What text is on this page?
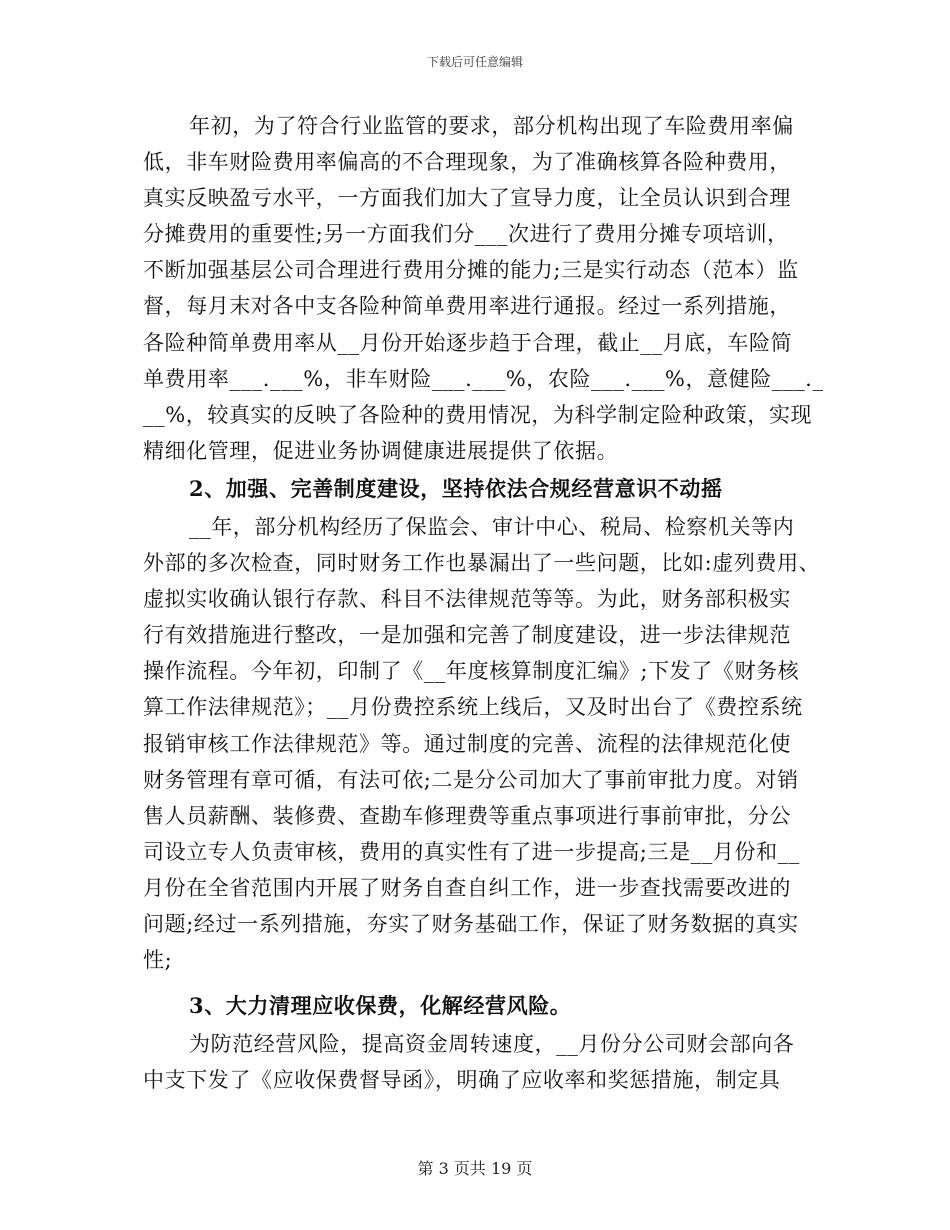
下载后可任意编辑
年初，为了符合行业监管的要求，部分机构出现了车险费用率偏
低，非车财险费用率偏高的不合理现象，为了准确核算各险种费用，
真实反映盈亏水平，一方面我们加大了宣导力度，让全员认识到合理
分摊费用的重要性;另一方面我们分___次进行了费用分摊专项培训，
不断加强基层公司合理进行费用分摊的能力;三是实行动态（范本）监
督，每月末对各中支各险种简单费用率进行通报。经过一系列措施，
各险种简单费用率从__月份开始逐步趋于合理，截止__月底，车险简
单费用率___.___%，非车财险___.___%，农险___.___%，意健险___._
__%，较真实的反映了各险种的费用情况，为科学制定险种政策，实现
精细化管理，促进业务协调健康进展提供了依据。
2、加强、完善制度建设，坚持依法合规经营意识不动摇
__年，部分机构经历了保监会、审计中心、税局、检察机关等内
外部的多次检查，同时财务工作也暴漏出了一些问题，比如:虚列费用、
虚拟实收确认银行存款、科目不法律规范等等。为此，财务部积极实
行有效措施进行整改，一是加强和完善了制度建设，进一步法律规范
操作流程。今年初，印制了《__年度核算制度汇编》;下发了《财务核
算工作法律规范》；__月份费控系统上线后，又及时出台了《费控系统
报销审核工作法律规范》等。通过制度的完善、流程的法律规范化使
财务管理有章可循，有法可依;二是分公司加大了事前审批力度。对销
售人员薪酬、装修费、查勘车修理费等重点事项进行事前审批，分公
司设立专人负责审核，费用的真实性有了进一步提高;三是__月份和__
月份在全省范围内开展了财务自查自纠工作，进一步查找需要改进的
问题;经过一系列措施，夯实了财务基础工作，保证了财务数据的真实
性;
3、大力清理应收保费，化解经营风险。
为防范经营风险，提高资金周转速度，__月份分公司财会部向各
中支下发了《应收保费督导函》，明确了应收率和奖惩措施，制定具
第 3 页共 19 页
